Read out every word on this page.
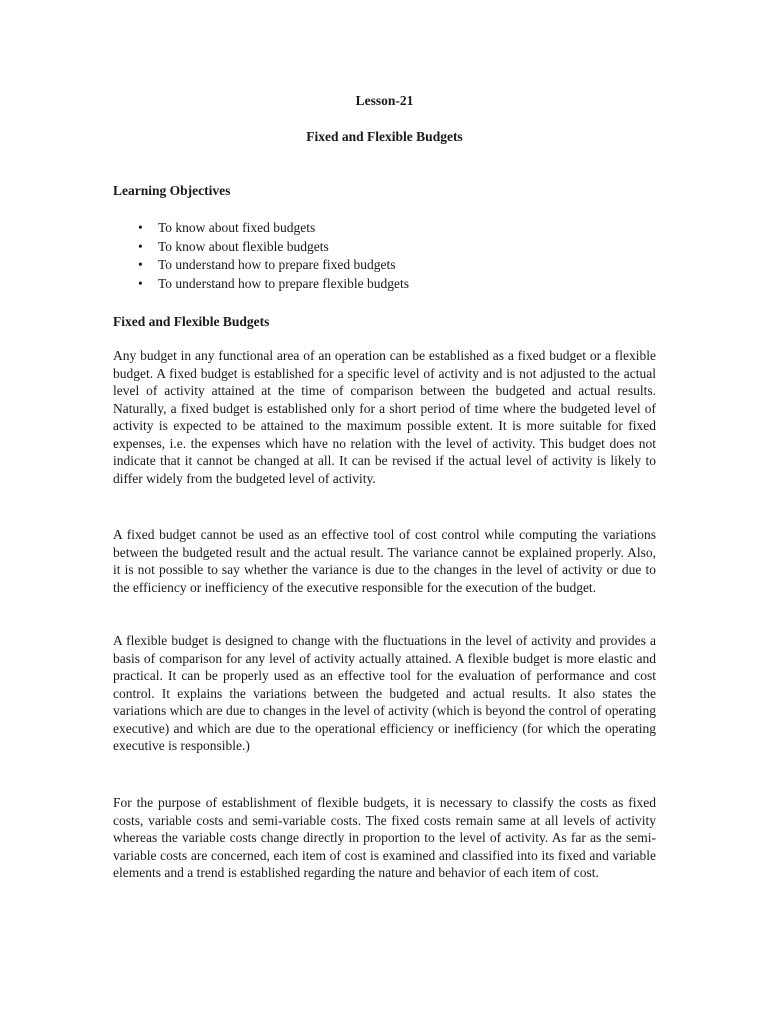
Lesson-21
Fixed and Flexible Budgets
Learning Objectives
• To know about fixed budgets
• To know about flexible budgets
• To understand how to prepare fixed budgets
• To understand how to prepare flexible budgets
Fixed and Flexible Budgets

Any budget in any functional area of an operation can be established as a fixed budget or a flexible budget. A fixed budget is established for a specific level of activity and is not adjusted to the actual level of activity attained at the time of comparison between the budgeted and actual results. Naturally, a fixed budget is established only for a short period of time where the budgeted level of activity is expected to be attained to the maximum possible extent. It is more suitable for fixed expenses, i.e. the expenses which have no relation with the level of activity. This budget does not indicate that it cannot be changed at all. It can be revised if the actual level of activity is likely to differ widely from the budgeted level of activity.

A fixed budget cannot be used as an effective tool of cost control while computing the variations between the budgeted result and the actual result. The variance cannot be explained properly. Also, it is not possible to say whether the variance is due to the changes in the level of activity or due to the efficiency or inefficiency of the executive responsible for the execution of the budget.

A flexible budget is designed to change with the fluctuations in the level of activity and provides a basis of comparison for any level of activity actually attained. A flexible budget is more elastic and practical. It can be properly used as an effective tool for the evaluation of performance and cost control. It explains the variations between the budgeted and actual results. It also states the variations which are due to changes in the level of activity (which is beyond the control of operating executive) and which are due to the operational efficiency or inefficiency (for which the operating executive is responsible.)

For the purpose of establishment of flexible budgets, it is necessary to classify the costs as fixed costs, variable costs and semi-variable costs. The fixed costs remain same at all levels of activity whereas the variable costs change directly in proportion to the level of activity. As far as the semi-variable costs are concerned, each item of cost is examined and classified into its fixed and variable elements and a trend is established regarding the nature and behavior of each item of cost.
